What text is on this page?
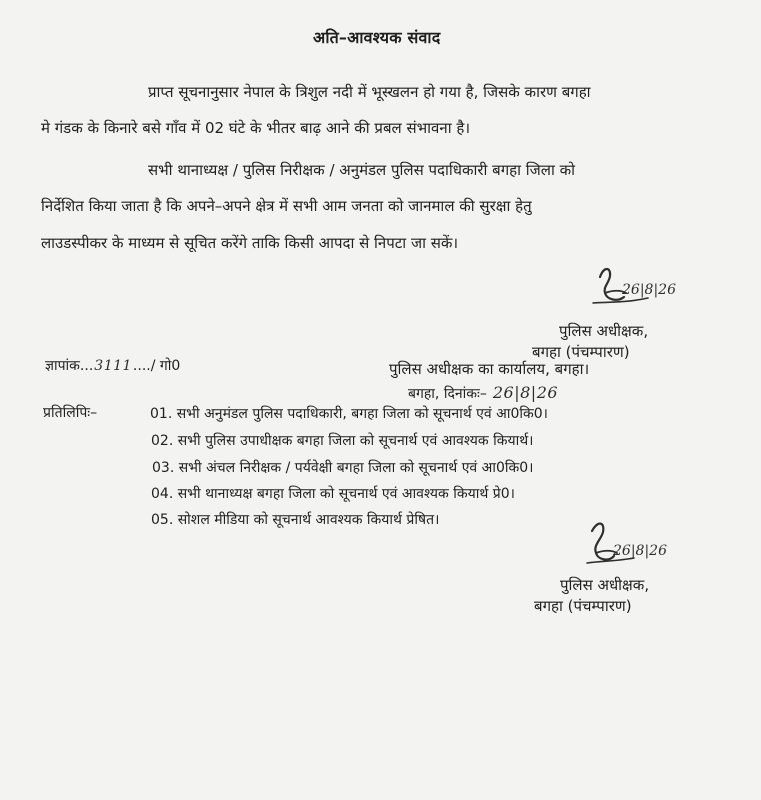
अति–आवश्यक संवाद
प्राप्त सूचनानुसार नेपाल के त्रिशुल नदी में भूस्खलन हो गया है, जिसके कारण बगहा
मे गंडक के किनारे बसे गाँव में 02 घंटे के भीतर बाढ़ आने की प्रबल संभावना है।
सभी थानाध्यक्ष / पुलिस निरीक्षक / अनुमंडल पुलिस पदाधिकारी बगहा जिला को
निर्देशित किया जाता है कि अपने–अपने क्षेत्र में सभी आम जनता को जानमाल की सुरक्षा हेतु
लाउडस्पीकर के माध्यम से सूचित करेंगे ताकि किसी आपदा से निपटा जा सकें।
26|8|26
पुलिस अधीक्षक,
बगहा (पंचम्पारण)
ज्ञापांक...3111..../ गो0	पुलिस अधीक्षक का कार्यालय, बगहा।
बगहा, दिनांकः– 26|8|26
प्रतिलिपिः–	01. सभी अनुमंडल पुलिस पदाधिकारी, बगहा जिला को सूचनार्थ एवं आ0कि0।
02. सभी पुलिस उपाधीक्षक बगहा जिला को सूचनार्थ एवं आवश्यक कियार्थ।
03. सभी अंचल निरीक्षक / पर्यवेक्षी बगहा जिला को सूचनार्थ एवं आ0कि0।
04. सभी थानाध्यक्ष बगहा जिला को सूचनार्थ एवं आवश्यक कियार्थ प्रे0।
05. सोशल मीडिया को सूचनार्थ आवश्यक कियार्थ प्रेषित।
26|8|26
पुलिस अधीक्षक,
बगहा (पंचम्पारण)
